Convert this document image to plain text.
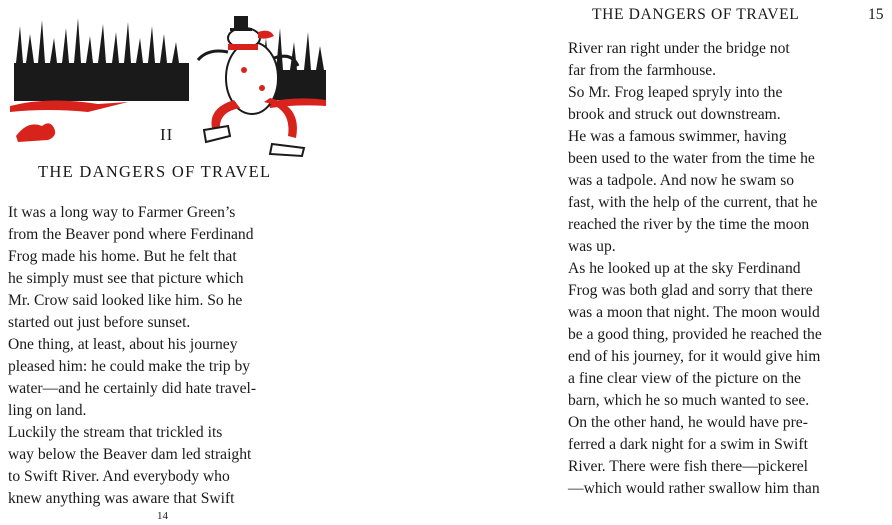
II
THE DANGERS OF TRAVEL
It was a long way to Farmer Green’s
from the Beaver pond where Ferdinand
Frog made his home. But he felt that
he simply must see that picture which
Mr. Crow said looked like him. So he
started out just before sunset.
One thing, at least, about his journey
pleased him: he could make the trip by
water—and he certainly did hate travel-
ling on land.
Luckily the stream that trickled its
way below the Beaver dam led straight
to Swift River. And everybody who
knew anything was aware that Swift
14
THE DANGERS OF TRAVEL	15
River ran right under the bridge not
far from the farmhouse.
So Mr. Frog leaped spryly into the
brook and struck out downstream.
He was a famous swimmer, having
been used to the water from the time he
was a tadpole. And now he swam so
fast, with the help of the current, that he
reached the river by the time the moon
was up.
As he looked up at the sky Ferdinand
Frog was both glad and sorry that there
was a moon that night. The moon would
be a good thing, provided he reached the
end of his journey, for it would give him
a fine clear view of the picture on the
barn, which he so much wanted to see.
On the other hand, he would have pre-
ferred a dark night for a swim in Swift
River. There were fish there—pickerel
—which would rather swallow him than
